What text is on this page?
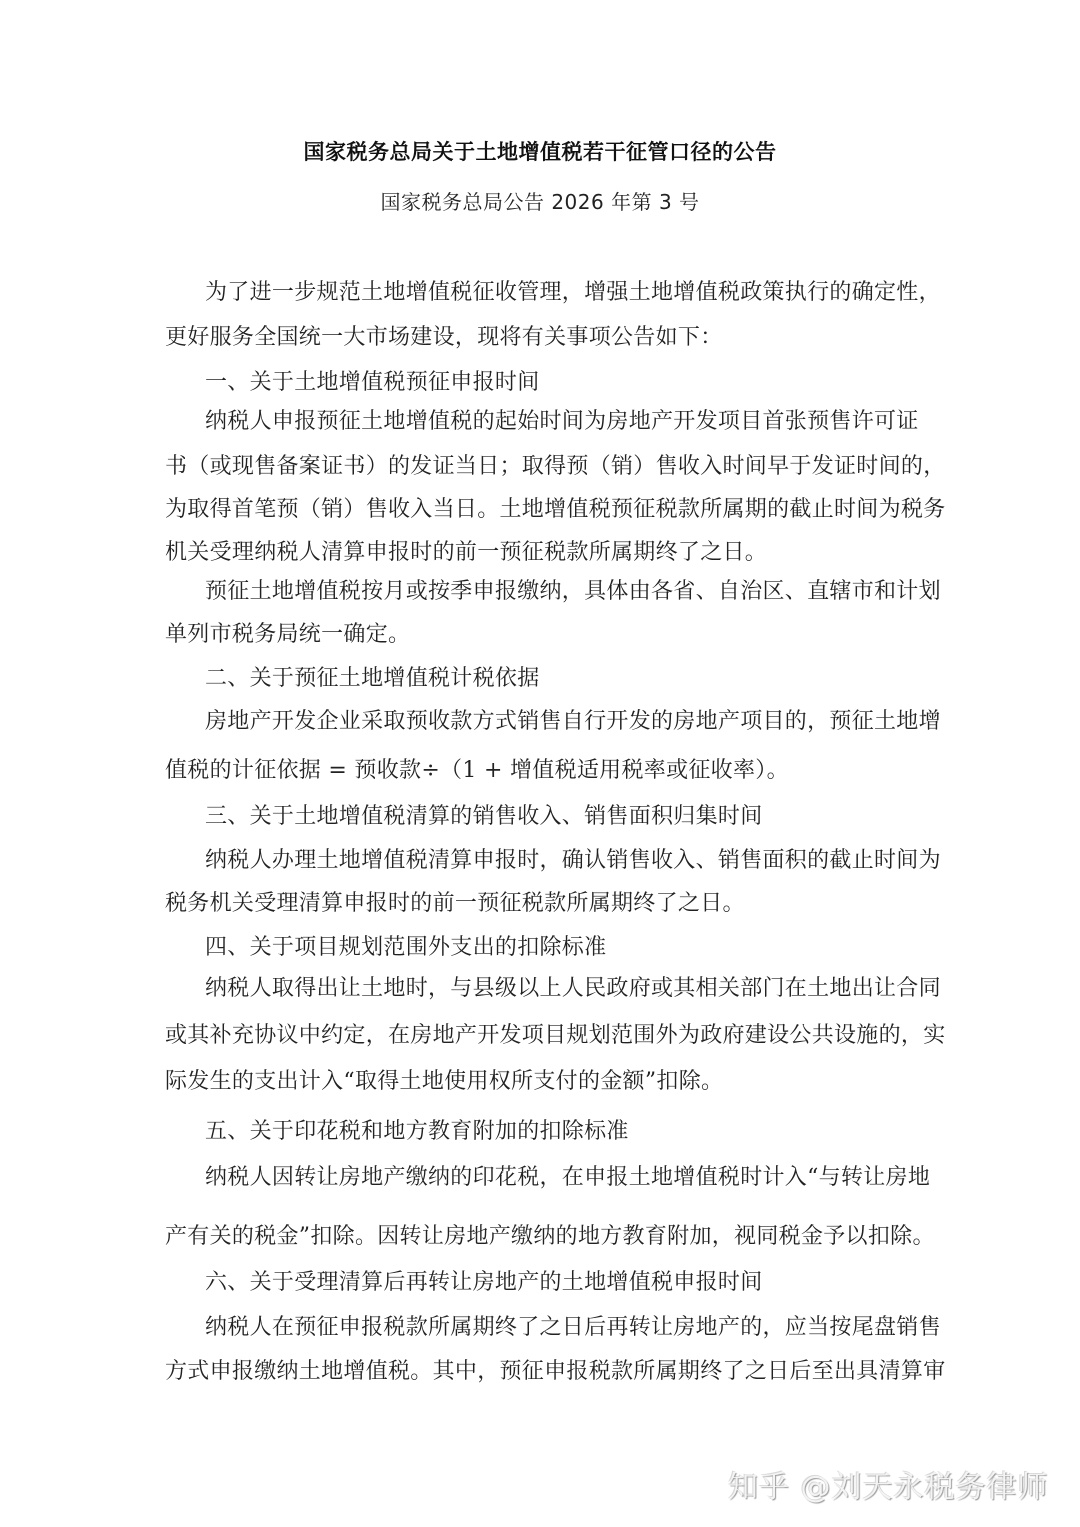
国家税务总局关于土地增值税若干征管口径的公告
国家税务总局公告 2026 年第 3 号
为了进一步规范土地增值税征收管理，增强土地增值税政策执行的确定性，
更好服务全国统一大市场建设，现将有关事项公告如下：
一、关于土地增值税预征申报时间
纳税人申报预征土地增值税的起始时间为房地产开发项目首张预售许可证
书（或现售备案证书）的发证当日；取得预（销）售收入时间早于发证时间的，
为取得首笔预（销）售收入当日。土地增值税预征税款所属期的截止时间为税务
机关受理纳税人清算申报时的前一预征税款所属期终了之日。
预征土地增值税按月或按季申报缴纳，具体由各省、自治区、直辖市和计划
单列市税务局统一确定。
二、关于预征土地增值税计税依据
房地产开发企业采取预收款方式销售自行开发的房地产项目的，预征土地增
值税的计征依据 = 预收款÷（1 + 增值税适用税率或征收率）。
三、关于土地增值税清算的销售收入、销售面积归集时间
纳税人办理土地增值税清算申报时，确认销售收入、销售面积的截止时间为
税务机关受理清算申报时的前一预征税款所属期终了之日。
四、关于项目规划范围外支出的扣除标准
纳税人取得出让土地时，与县级以上人民政府或其相关部门在土地出让合同
或其补充协议中约定，在房地产开发项目规划范围外为政府建设公共设施的，实
际发生的支出计入“取得土地使用权所支付的金额”扣除。
五、关于印花税和地方教育附加的扣除标准
纳税人因转让房地产缴纳的印花税，在申报土地增值税时计入“与转让房地
产有关的税金”扣除。因转让房地产缴纳的地方教育附加，视同税金予以扣除。
六、关于受理清算后再转让房地产的土地增值税申报时间
纳税人在预征申报税款所属期终了之日后再转让房地产的，应当按尾盘销售
方式申报缴纳土地增值税。其中，预征申报税款所属期终了之日后至出具清算审
知乎 @刘天永税务律师
